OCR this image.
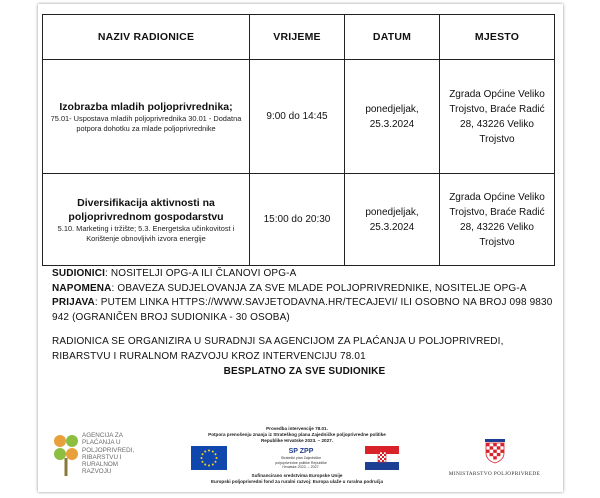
NAZIV RADIONICE	VRIJEME	DATUM	MJESTO

Izobrazba mladih poljoprivrednika;
75.01- Uspostava mladih poljoprivrednika 30.01 - Dodatna potpora dohotku za mlade poljoprivrednike	9:00 do 14:45	ponedjeljak, 25.3.2024	Zgrada Općine Veliko Trojstvo, Braće Radić 28, 43226 Veliko Trojstvo

Diversifikacija aktivnosti na poljoprivrednom gospodarstvu
5.10. Marketing i tržište; 5.3. Energetska učinkovitost i Korištenje obnovljivih izvora energije	15:00 do 20:30	ponedjeljak, 25.3.2024	Zgrada Općine Veliko Trojstvo, Braće Radić 28, 43226 Veliko Trojstvo

SUDIONICI: NOSITELJI OPG-A ILI ČLANOVI OPG-A

NAPOMENA: OBAVEZA SUDJELOVANJA ZA SVE MLADE POLJOPRIVREDNIKE, NOSITELJE OPG-A

PRIJAVA: PUTEM LINKA HTTPS://WWW.SAVJETODAVNA.HR/TECAJEVI/ ILI OSOBNO NA BROJ 098 9830 942 (OGRANIČEN BROJ SUDIONIKA - 30 OSOBA)

RADIONICA SE ORGANIZIRA U SURADNJI SA AGENCIJOM ZA PLAĆANJA U POLJOPRIVREDI, RIBARSTVU I RURALNOM RAZVOJU KROZ INTERVENCIJU 78.01

BESPLATNO ZA SVE SUDIONIKE

AGENCIJA ZA
PLAĆANJA U
POLJOPRIVREDI,
RIBARSTVU I
RURALNOM
RAZVOJU
Provedba intervencije 78.01.
Potpora prenošenju znanja iz Strateškog plana Zajedničke poljoprivredne politike
Republike Hrvatske 2023. – 2027.
SP ZPP
Strateški plan Zajedničke poljoprivredne politike Republike Hrvatske 2023. – 2027.
Sufinancirano sredstvima Europske Unije
Europski poljoprivredni fond za ruralni razvoj: Europa ulaže u ruralna područja
MINISTARSTVO POLJOPRIVREDE
